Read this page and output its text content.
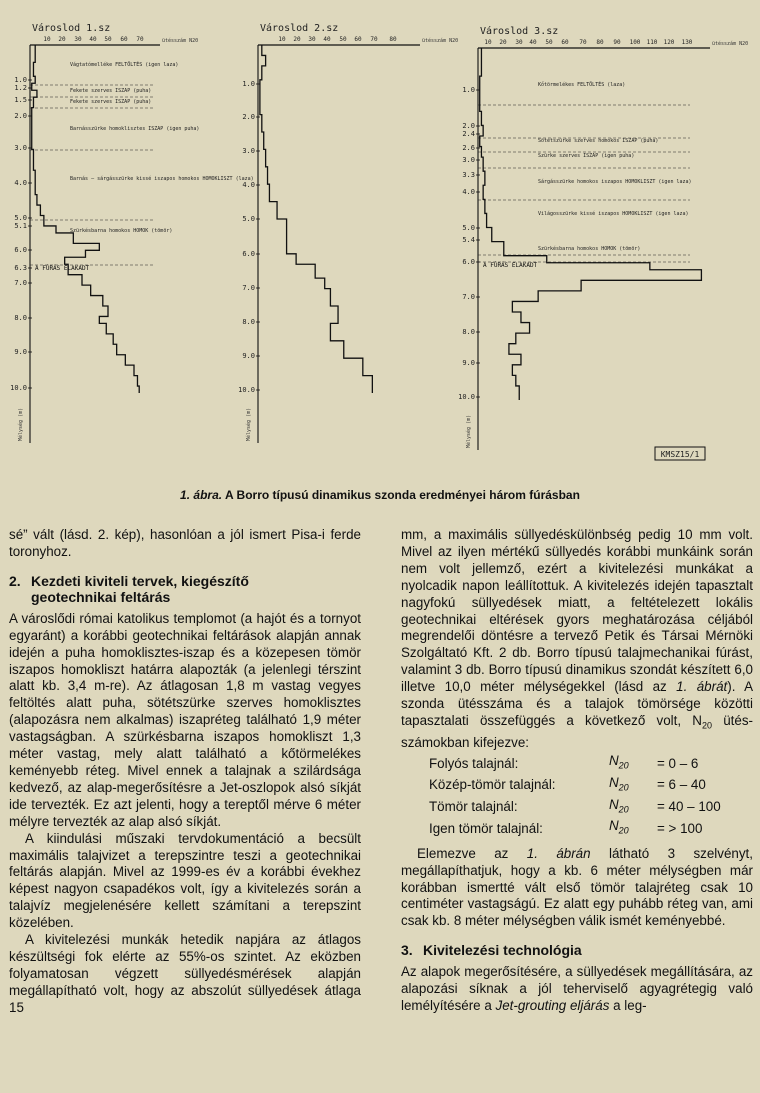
Városlod 1.sz
10 20 30 40 50 60 70	ütésszám N20
1.0
1.2
1.5
2.0
3.0
4.0
5.0
5.1
6.0
6.3
7.0
8.0
9.0
10.0
Mélység (m)
Vágtatómelléke FELTÖLTÉS (igen laza)
Fekete szerves ISZAP (puha)
Fekete szerves ISZAP (puha)
Barnásszürke homoklisztes ISZAP (igen puha)
Barnás – sárgásszürke kissé iszapos homokos HOMOKLISZT (laza)
Szürkésbarna homokos HOMOK (tömör)
A FÚRÁS ELAKADT
Városlod 2.sz
10 20 30 40 50 60 70 80	ütésszám N20
1.0
2.0
3.0
4.0
5.0
6.0
7.0
8.0
9.0
10.0
Mélység (m)
Városlod 3.sz
10 20 30 40 50 60 70 80 90 100 110 120 130	ütésszám N20
1.0
2.0
2.4
2.6
3.0
3.3
4.0
5.0
5.4
6.0
7.0
8.0
9.0
10.0
Mélység (m)
Kőtörmelékes FELTÖLTÉS (laza)
Sötétszürke szerves homokos ISZAP (puha)
Szürke szerves ISZAP (igen puha)
Sárgásszürke homokos iszapos HOMOKLISZT (igen laza)
Világosszürke kissé iszapos HOMOKLISZT (igen laza)
Szürkésbarna homokos HOMOK (tömör)
A FÚRÁS ELAKADT
KMSZ15/1
1. ábra. A Borro típusú dinamikus szonda eredményei három fúrásban

sé” vált (lásd. 2. kép), hasonlóan a jól ismert Pisa-i ferde toronyhoz.

2. Kezdeti kiviteli tervek, kiegészítő
geotechnikai feltárás

A városlődi római katolikus templomot (a hajót és a tornyot egyaránt) a korábbi geotechnikai feltárások alapján annak idején a puha homoklisztes-iszap és a közepesen tömör iszapos homokliszt határra alapozták (a jelenlegi térszint alatt kb. 3,4 m-re). Az átlagosan 1,8 m vastag vegyes feltöltés alatt puha, sötétszürke szerves homoklisztes (alapozásra nem alkalmas) iszapréteg található 1,9 méter vastagságban. A szürkésbarna iszapos homokliszt 1,3 méter vastag, mely alatt található a kőtörmelékes keményebb réteg. Mivel ennek a talajnak a szilárdsága kedvező, az alap-megerősítésre a Jet-oszlopok alsó síkját ide tervezték. Ez azt jelenti, hogy a tereptől mérve 6 méter mélyre tervezték az alap alsó síkját.

A kiindulási műszaki tervdokumentáció a becsült maximális talajvizet a terepszintre teszi a geotechnikai feltárás alapján. Mivel az 1999-es év a korábbi évekhez képest nagyon csapadékos volt, így a kivitelezés során a talajvíz megjelenésére kellett számítani a terepszint közelében.

A kivitelezési munkák hetedik napjára az átlagos készültségi fok elérte az 55%-os szintet. Az eközben folyamatosan végzett süllyedésmérések alapján megállapítható volt, hogy az abszolút süllyedések átlaga 15

mm, a maximális süllyedéskülönbség pedig 10 mm volt. Mivel az ilyen mértékű süllyedés korábbi munkáink során nem volt jellemző, ezért a kivitelezési munkákat a nyolcadik napon leállítottuk. A kivitelezés idején tapasztalt nagyfokú süllyedések miatt, a feltételezett lokális geotechnikai eltérések gyors meghatározása céljából megrendelői döntésre a tervező Petik és Társai Mérnöki Szolgáltató Kft. 2 db. Borro típusú talajmechanikai fúrást, valamint 3 db. Borro típusú dinamikus szondát készített 6,0 illetve 10,0 méter mélységekkel (lásd az 1. ábrát). A szonda ütésszáma és a talajok tömörsége közötti tapasztalati összefüggés a következő volt, $N_{20}$ ütés-számokban kifejezve:

Folyós talajnál:	$N_{20}$	= 0 – 6
Közép-tömör talajnál:	$N_{20}$	= 6 – 40
Tömör talajnál:	$N_{20}$	= 40 – 100
Igen tömör talajnál:	$N_{20}$	= > 100

Elemezve az 1. ábrán látható 3 szelvényt, megállapíthatjuk, hogy a kb. 6 méter mélységben már korábban ismertté vált első tömör talajréteg csak 10 centiméter vastagságú. Ez alatt egy puhább réteg van, ami csak kb. 8 méter mélységben válik ismét keményebbé.

3. Kivitelezési technológia

Az alapok megerősítésére, a süllyedések megállítására, az alapozási síknak a jól teherviselő agyagrétegig való lemélyítésére a Jet-grouting eljárás a leg-
